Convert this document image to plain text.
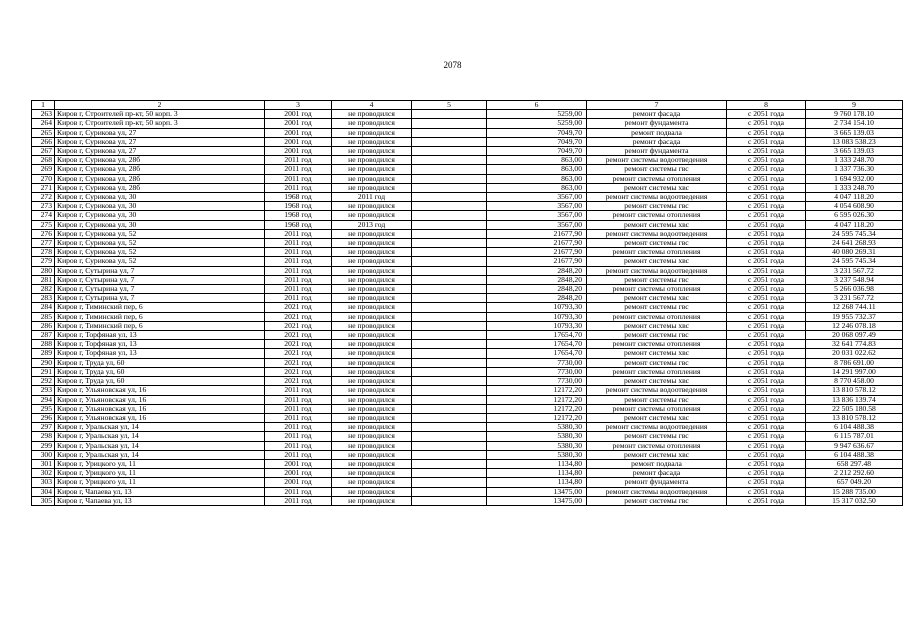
2078
1	2	3	4	5	6	7	8	9
263	Киров г, Строителей пр-кт, 50 корп. 3	2001 год	не проводился		5259,00	ремонт фасада	с 2051 года	9 760 178.10
264	Киров г, Строителей пр-кт, 50 корп. 3	2001 год	не проводился		5259,00	ремонт фундамента	с 2051 года	2 734 154.10
265	Киров г, Сурикова ул, 27	2001 год	не проводился		7049,70	ремонт подвала	с 2051 года	3 665 139.03
266	Киров г, Сурикова ул, 27	2001 год	не проводился		7049,70	ремонт фасада	с 2051 года	13 083 538.23
267	Киров г, Сурикова ул, 27	2001 год	не проводился		7049,70	ремонт фундамента	с 2051 года	3 665 139.03
268	Киров г, Сурикова ул, 28б	2011 год	не проводился		863,00	ремонт системы водоотведения	с 2051 года	1 333 248.70
269	Киров г, Сурикова ул, 28б	2011 год	не проводился		863,00	ремонт системы гвс	с 2051 года	1 337 736.30
270	Киров г, Сурикова ул, 28б	2011 год	не проводился		863,00	ремонт системы отопления	с 2051 года	1 694 932.00
271	Киров г, Сурикова ул, 28б	2011 год	не проводился		863,00	ремонт системы хвс	с 2051 года	1 333 248.70
272	Киров г, Сурикова ул, 30	1968 год	2011 год		3567,00	ремонт системы водоотведения	с 2051 года	4 047 118.20
273	Киров г, Сурикова ул, 30	1968 год	не проводился		3567,00	ремонт системы гвс	с 2051 года	4 054 608.90
274	Киров г, Сурикова ул, 30	1968 год	не проводился		3567,00	ремонт системы отопления	с 2051 года	6 595 026.30
275	Киров г, Сурикова ул, 30	1968 год	2013 год		3567,00	ремонт системы хвс	с 2051 года	4 047 118.20
276	Киров г, Сурикова ул, 52	2011 год	не проводился		21677,90	ремонт системы водоотведения	с 2051 года	24 595 745.34
277	Киров г, Сурикова ул, 52	2011 год	не проводился		21677,90	ремонт системы гвс	с 2051 года	24 641 268.93
278	Киров г, Сурикова ул, 52	2011 год	не проводился		21677,90	ремонт системы отопления	с 2051 года	40 080 269.31
279	Киров г, Сурикова ул, 52	2011 год	не проводился		21677,90	ремонт системы хвс	с 2051 года	24 595 745.34
280	Киров г, Сутырина ул, 7	2011 год	не проводился		2848,20	ремонт системы водоотведения	с 2051 года	3 231 567.72
281	Киров г, Сутырина ул, 7	2011 год	не проводился		2848,20	ремонт системы гвс	с 2051 года	3 237 548.94
282	Киров г, Сутырина ул, 7	2011 год	не проводился		2848,20	ремонт системы отопления	с 2051 года	5 266 036.98
283	Киров г, Сутырина ул, 7	2011 год	не проводился		2848,20	ремонт системы хвс	с 2051 года	3 231 567.72
284	Киров г, Тиминский пер, 6	2021 год	не проводился		10793,30	ремонт системы гвс	с 2051 года	12 268 744.11
285	Киров г, Тиминский пер, 6	2021 год	не проводился		10793,30	ремонт системы отопления	с 2051 года	19 955 732.37
286	Киров г, Тиминский пер, 6	2021 год	не проводился		10793,30	ремонт системы хвс	с 2051 года	12 246 078.18
287	Киров г, Торфяная ул, 13	2021 год	не проводился		17654,70	ремонт системы гвс	с 2051 года	20 068 097.49
288	Киров г, Торфяная ул, 13	2021 год	не проводился		17654,70	ремонт системы отопления	с 2051 года	32 641 774.83
289	Киров г, Торфяная ул, 13	2021 год	не проводился		17654,70	ремонт системы хвс	с 2051 года	20 031 022.62
290	Киров г, Труда ул, 60	2021 год	не проводился		7730,00	ремонт системы гвс	с 2051 года	8 786 691.00
291	Киров г, Труда ул, 60	2021 год	не проводился		7730,00	ремонт системы отопления	с 2051 года	14 291 997.00
292	Киров г, Труда ул, 60	2021 год	не проводился		7730,00	ремонт системы хвс	с 2051 года	8 770 458.00
293	Киров г, Ульяновская ул, 16	2011 год	не проводился		12172,20	ремонт системы водоотведения	с 2051 года	13 810 578.12
294	Киров г, Ульяновская ул, 16	2011 год	не проводился		12172,20	ремонт системы гвс	с 2051 года	13 836 139.74
295	Киров г, Ульяновская ул, 16	2011 год	не проводился		12172,20	ремонт системы отопления	с 2051 года	22 505 180.58
296	Киров г, Ульяновская ул, 16	2011 год	не проводился		12172,20	ремонт системы хвс	с 2051 года	13 810 578.12
297	Киров г, Уральская ул, 14	2011 год	не проводился		5380,30	ремонт системы водоотведения	с 2051 года	6 104 488.38
298	Киров г, Уральская ул, 14	2011 год	не проводился		5380,30	ремонт системы гвс	с 2051 года	6 115 787.01
299	Киров г, Уральская ул, 14	2011 год	не проводился		5380,30	ремонт системы отопления	с 2051 года	9 947 636.67
300	Киров г, Уральская ул, 14	2011 год	не проводился		5380,30	ремонт системы хвс	с 2051 года	6 104 488.38
301	Киров г, Урицкого ул, 11	2001 год	не проводился		1134,80	ремонт подвала	с 2051 года	658 297.48
302	Киров г, Урицкого ул, 11	2001 год	не проводился		1134,80	ремонт фасада	с 2051 года	2 212 292.60
303	Киров г, Урицкого ул, 11	2001 год	не проводился		1134,80	ремонт фундамента	с 2051 года	657 049.20
304	Киров г, Чапаева ул, 13	2011 год	не проводился		13475,00	ремонт системы водоотведения	с 2051 года	15 288 735.00
305	Киров г, Чапаева ул, 13	2011 год	не проводился		13475,00	ремонт системы гвс	с 2051 года	15 317 032.50
